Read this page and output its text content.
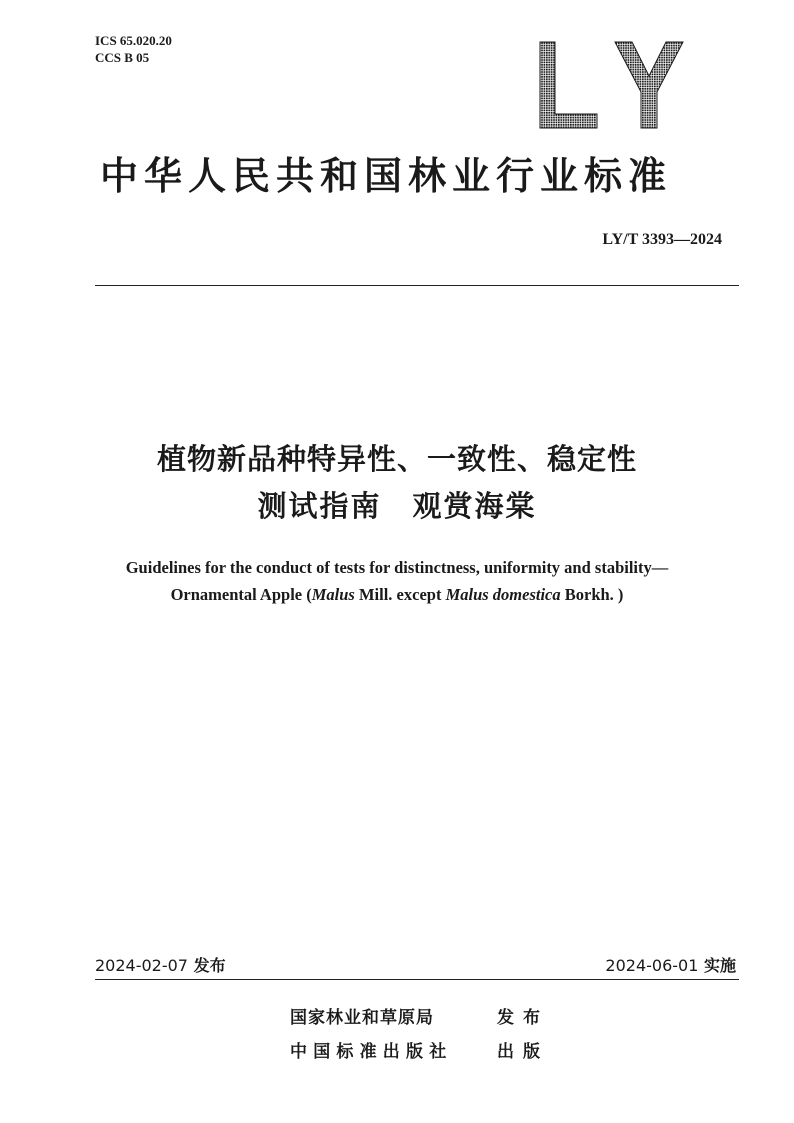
ICS 65.020.20
CCS B 05
中华人民共和国林业行业标准
LY/T 3393—2024
植物新品种特异性、一致性、稳定性
测试指南　观赏海棠
Guidelines for the conduct of tests for distinctness, uniformity and stability—
Ornamental Apple (Malus Mill. except Malus domestica Borkh. )
2024-02-07 发布	2024-06-01 实施
国家林业和草原局	发布
中国标准出版社	出版
